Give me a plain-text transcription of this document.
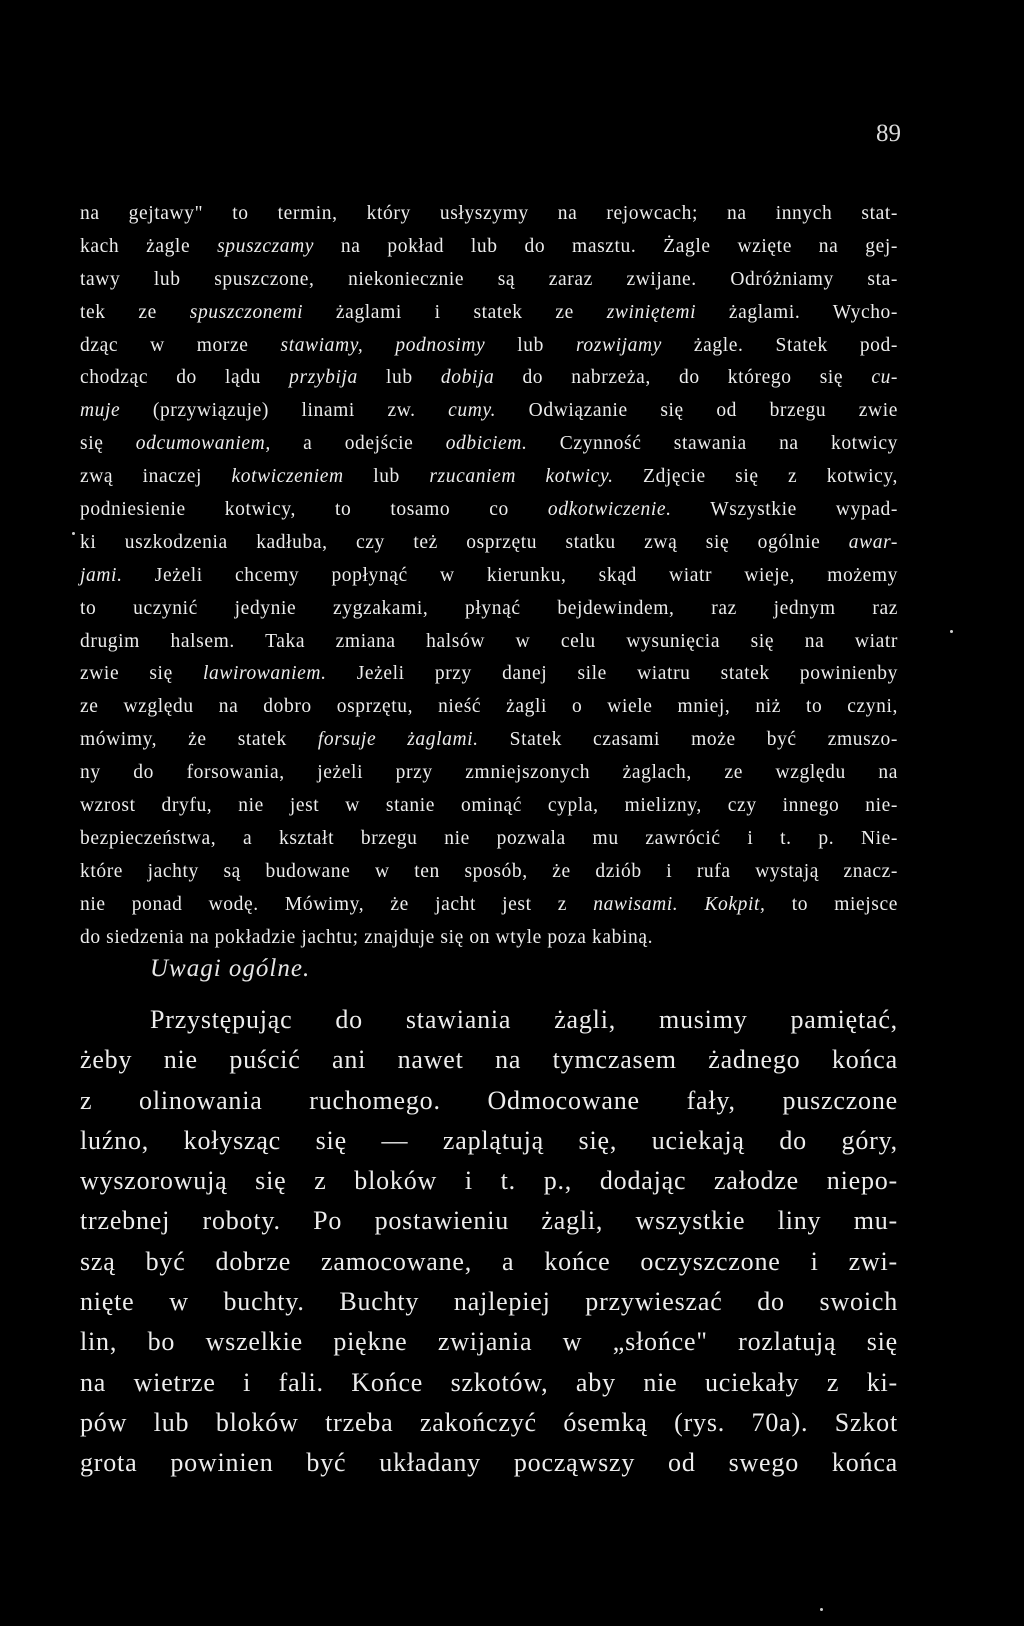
89
na gejtawy" to termin, który usłyszymy na rejowcach; na innych stat-
kach żagle spuszczamy na pokład lub do masztu. Żagle wzięte na gej-
tawy lub spuszczone, niekoniecznie są zaraz zwijane. Odróżniamy sta-
tek ze spuszczonemi żaglami i statek ze zwiniętemi żaglami. Wycho-
dząc w morze stawiamy, podnosimy lub rozwijamy żagle. Statek pod-
chodząc do lądu przybija lub dobija do nabrzeża, do którego się cu-
muje (przywiązuje) linami zw. cumy. Odwiązanie się od brzegu zwie
się odcumowaniem, a odejście odbiciem. Czynność stawania na kotwicy
zwą inaczej kotwiczeniem lub rzucaniem kotwicy. Zdjęcie się z kotwicy,
podniesienie kotwicy, to tosamo co odkotwiczenie. Wszystkie wypad-
ki uszkodzenia kadłuba, czy też osprzętu statku zwą się ogólnie awar-
jami. Jeżeli chcemy popłynąć w kierunku, skąd wiatr wieje, możemy
to uczynić jedynie zygzakami, płynąć bejdewindem, raz jednym raz
drugim halsem. Taka zmiana halsów w celu wysunięcia się na wiatr
zwie się lawirowaniem. Jeżeli przy danej sile wiatru statek powinienby
ze względu na dobro osprzętu, nieść żagli o wiele mniej, niż to czyni,
mówimy, że statek forsuje żaglami. Statek czasami może być zmuszo-
ny do forsowania, jeżeli przy zmniejszonych żaglach, ze względu na
wzrost dryfu, nie jest w stanie ominąć cypla, mielizny, czy innego nie-
bezpieczeństwa, a kształt brzegu nie pozwala mu zawrócić i t. p. Nie-
które jachty są budowane w ten sposób, że dziób i rufa wystają znacz-
nie ponad wodę. Mówimy, że jacht jest z nawisami. Kokpit, to miejsce
do siedzenia na pokładzie jachtu; znajduje się on wtyle poza kabiną.
Uwagi ogólne.
Przystępując do stawiania żagli, musimy pamiętać,
żeby nie puścić ani nawet na tymczasem żadnego końca
z olinowania ruchomego. Odmocowane fały, puszczone
luźno, kołysząc się — zaplątują się, uciekają do góry,
wyszorowują się z bloków i t. p., dodając załodze niepo-
trzebnej roboty. Po postawieniu żagli, wszystkie liny mu-
szą być dobrze zamocowane, a końce oczyszczone i zwi-
nięte w buchty. Buchty najlepiej przywieszać do swoich
lin, bo wszelkie piękne zwijania w „słońce" rozlatują się
na wietrze i fali. Końce szkotów, aby nie uciekały z ki-
pów lub bloków trzeba zakończyć ósemką (rys. 70a). Szkot
grota powinien być układany począwszy od swego końca
